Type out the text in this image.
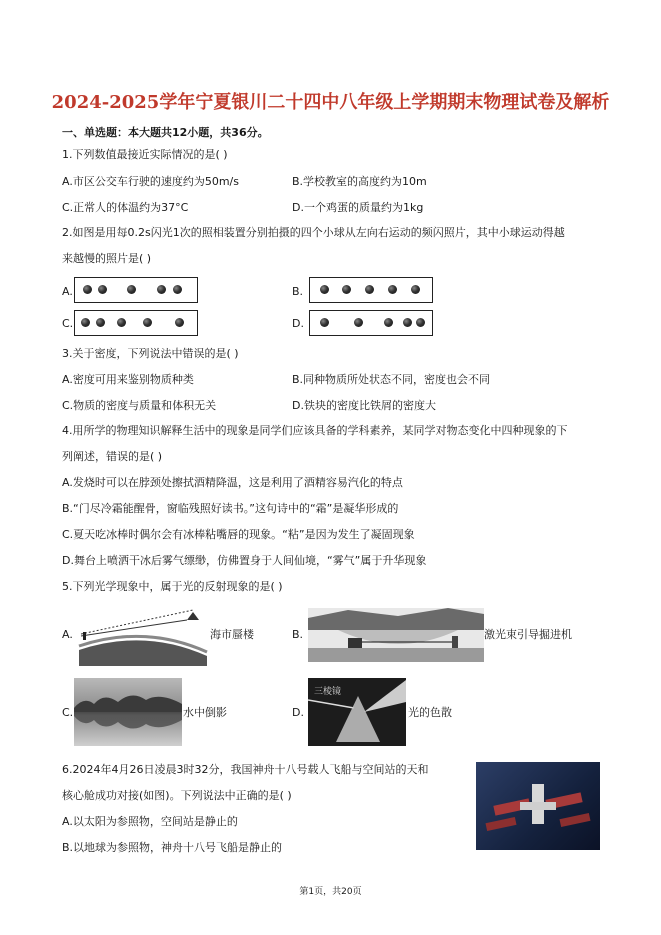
2024-2025学年宁夏银川二十四中八年级上学期期末物理试卷及解析
一、单选题：本大题共12小题，共36分。
1.下列数值最接近实际情况的是( )
A.市区公交车行驶的速度约为50m/s	B.学校教室的高度约为10m
C.正常人的体温约为37°C	D.一个鸡蛋的质量约为1kg
2.如图是用每0.2s闪光1次的照相装置分别拍摄的四个小球从左向右运动的频闪照片，其中小球运动得越
来越慢的照片是( )
A.	B.
C.	D.
3.关于密度，下列说法中错误的是( )
A.密度可用来鉴别物质种类	B.同种物质所处状态不同，密度也会不同
C.物质的密度与质量和体积无关	D.铁块的密度比铁屑的密度大
4.用所学的物理知识解释生活中的现象是同学们应该具备的学科素养，某同学对物态变化中四种现象的下
列阐述，错误的是( )
A.发烧时可以在脖颈处擦拭酒精降温，这是利用了酒精容易汽化的特点
B.“门尽冷霜能醒骨，窗临残照好读书。”这句诗中的“霜”是凝华形成的
C.夏天吃冰棒时偶尔会有冰棒粘嘴唇的现象。“粘”是因为发生了凝固现象
D.舞台上喷洒干冰后雾气缥缈，仿佛置身于人间仙境，“雾气”属于升华现象
5.下列光学现象中，属于光的反射现象的是( )
A.	海市蜃楼	B.	激光束引导掘进机
C.	水中倒影	D.
三棱镜
光的色散
6.2024年4月26日凌晨3时32分，我国神舟十八号载人飞船与空间站的天和
核心舱成功对接(如图)。下列说法中正确的是( )
A.以太阳为参照物，空间站是静止的
B.以地球为参照物，神舟十八号飞船是静止的
第1页，共20页
